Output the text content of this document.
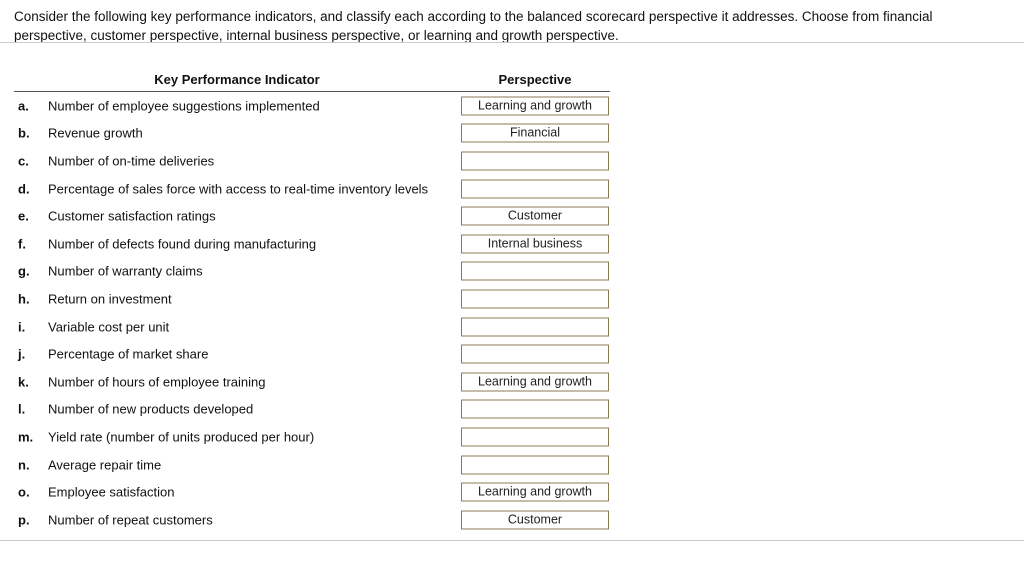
Consider the following key performance indicators, and classify each according to the balanced scorecard perspective it addresses. Choose from financial perspective, customer perspective, internal business perspective, or learning and growth perspective.
Key Performance Indicator	Perspective
a. Number of employee suggestions implemented	Learning and growth
b. Revenue growth	Financial
c. Number of on-time deliveries
d. Percentage of sales force with access to real-time inventory levels
e. Customer satisfaction ratings	Customer
f. Number of defects found during manufacturing	Internal business
g. Number of warranty claims
h. Return on investment
i. Variable cost per unit
j. Percentage of market share
k. Number of hours of employee training	Learning and growth
l. Number of new products developed
m. Yield rate (number of units produced per hour)
n. Average repair time
o. Employee satisfaction	Learning and growth
p. Number of repeat customers	Customer
